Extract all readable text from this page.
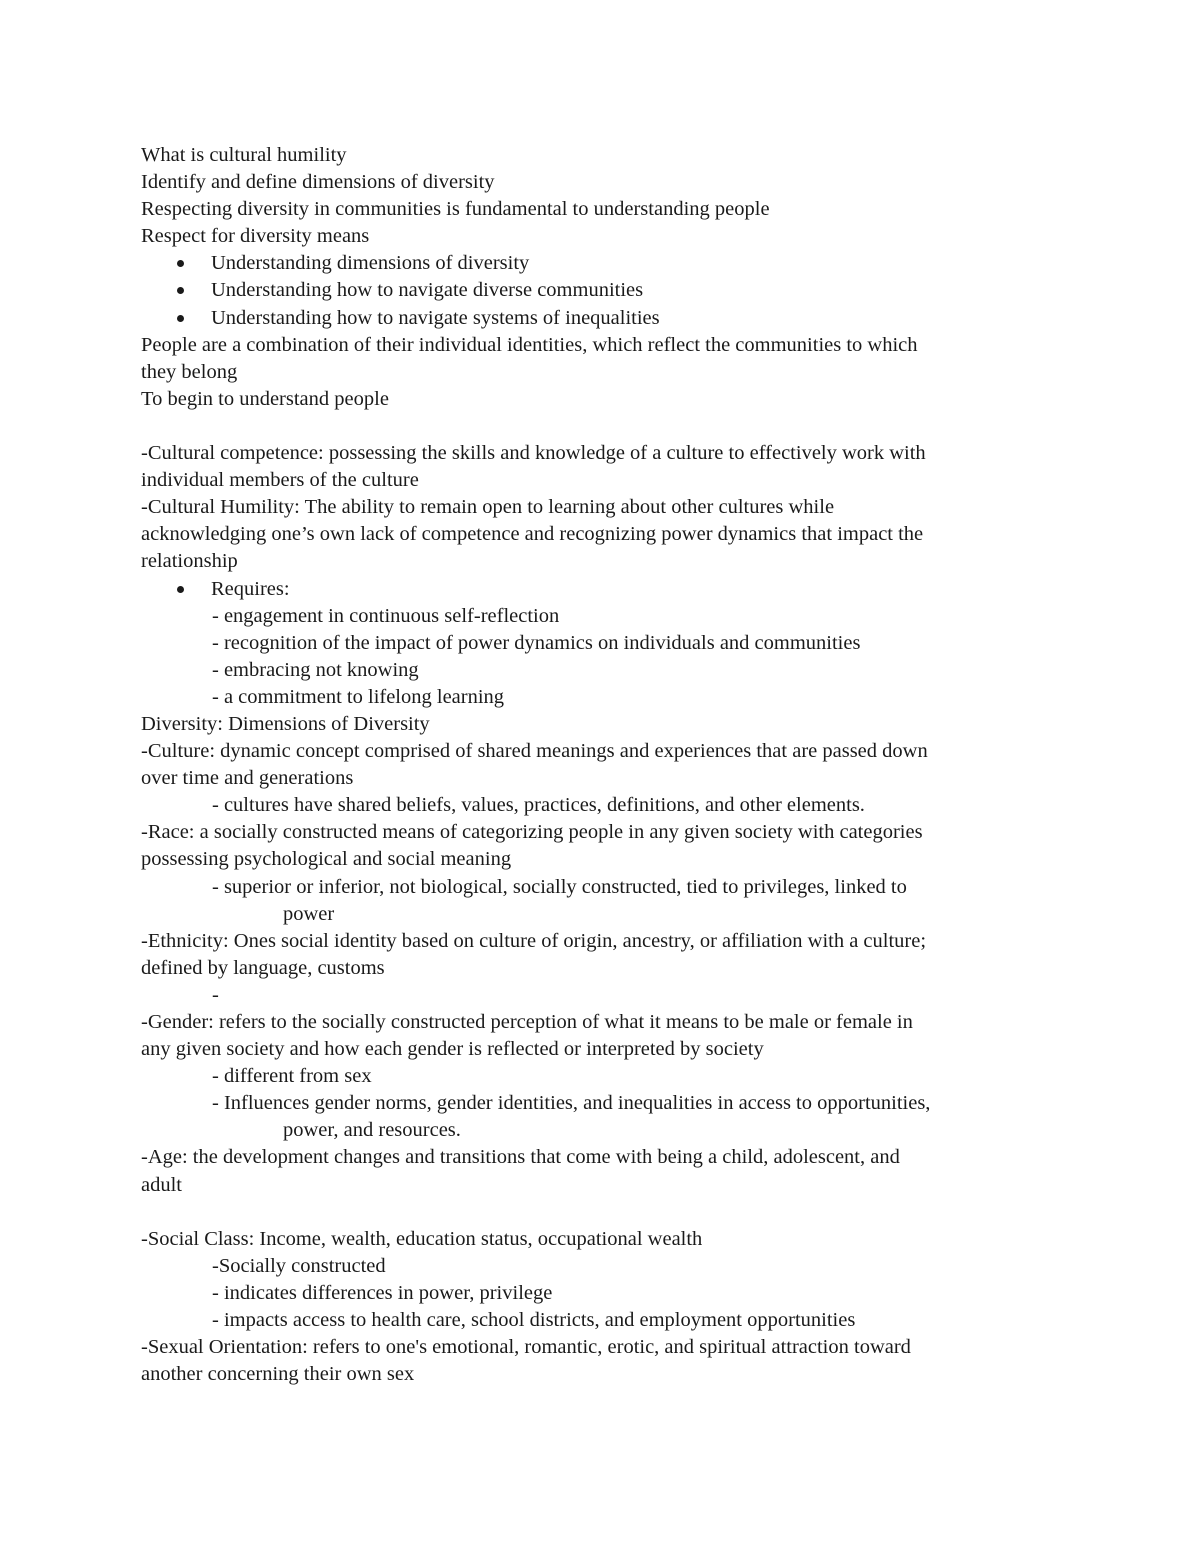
What is cultural humility
Identify and define dimensions of diversity
Respecting diversity in communities is fundamental to understanding people
Respect for diversity means
Understanding dimensions of diversity
Understanding how to navigate diverse communities
Understanding how to navigate systems of inequalities
People are a combination of their individual identities, which reflect the communities to which
they belong
To begin to understand people
-Cultural competence: possessing the skills and knowledge of a culture to effectively work with
individual members of the culture
-Cultural Humility: The ability to remain open to learning about other cultures while
acknowledging one’s own lack of competence and recognizing power dynamics that impact the
relationship
Requires:
- engagement in continuous self-reflection
- recognition of the impact of power dynamics on individuals and communities
- embracing not knowing
- a commitment to lifelong learning
Diversity: Dimensions of Diversity
-Culture: dynamic concept comprised of shared meanings and experiences that are passed down
over time and generations
- cultures have shared beliefs, values, practices, definitions, and other elements.
-Race: a socially constructed means of categorizing people in any given society with categories
possessing psychological and social meaning
- superior or inferior, not biological, socially constructed, tied to privileges, linked to
power
-Ethnicity: Ones social identity based on culture of origin, ancestry, or affiliation with a culture;
defined by language, customs
-
-Gender: refers to the socially constructed perception of what it means to be male or female in
any given society and how each gender is reflected or interpreted by society
- different from sex
- Influences gender norms, gender identities, and inequalities in access to opportunities,
power, and resources.
-Age: the development changes and transitions that come with being a child, adolescent, and
adult
-Social Class: Income, wealth, education status, occupational wealth
-Socially constructed
- indicates differences in power, privilege
- impacts access to health care, school districts, and employment opportunities
-Sexual Orientation: refers to one's emotional, romantic, erotic, and spiritual attraction toward
another concerning their own sex
